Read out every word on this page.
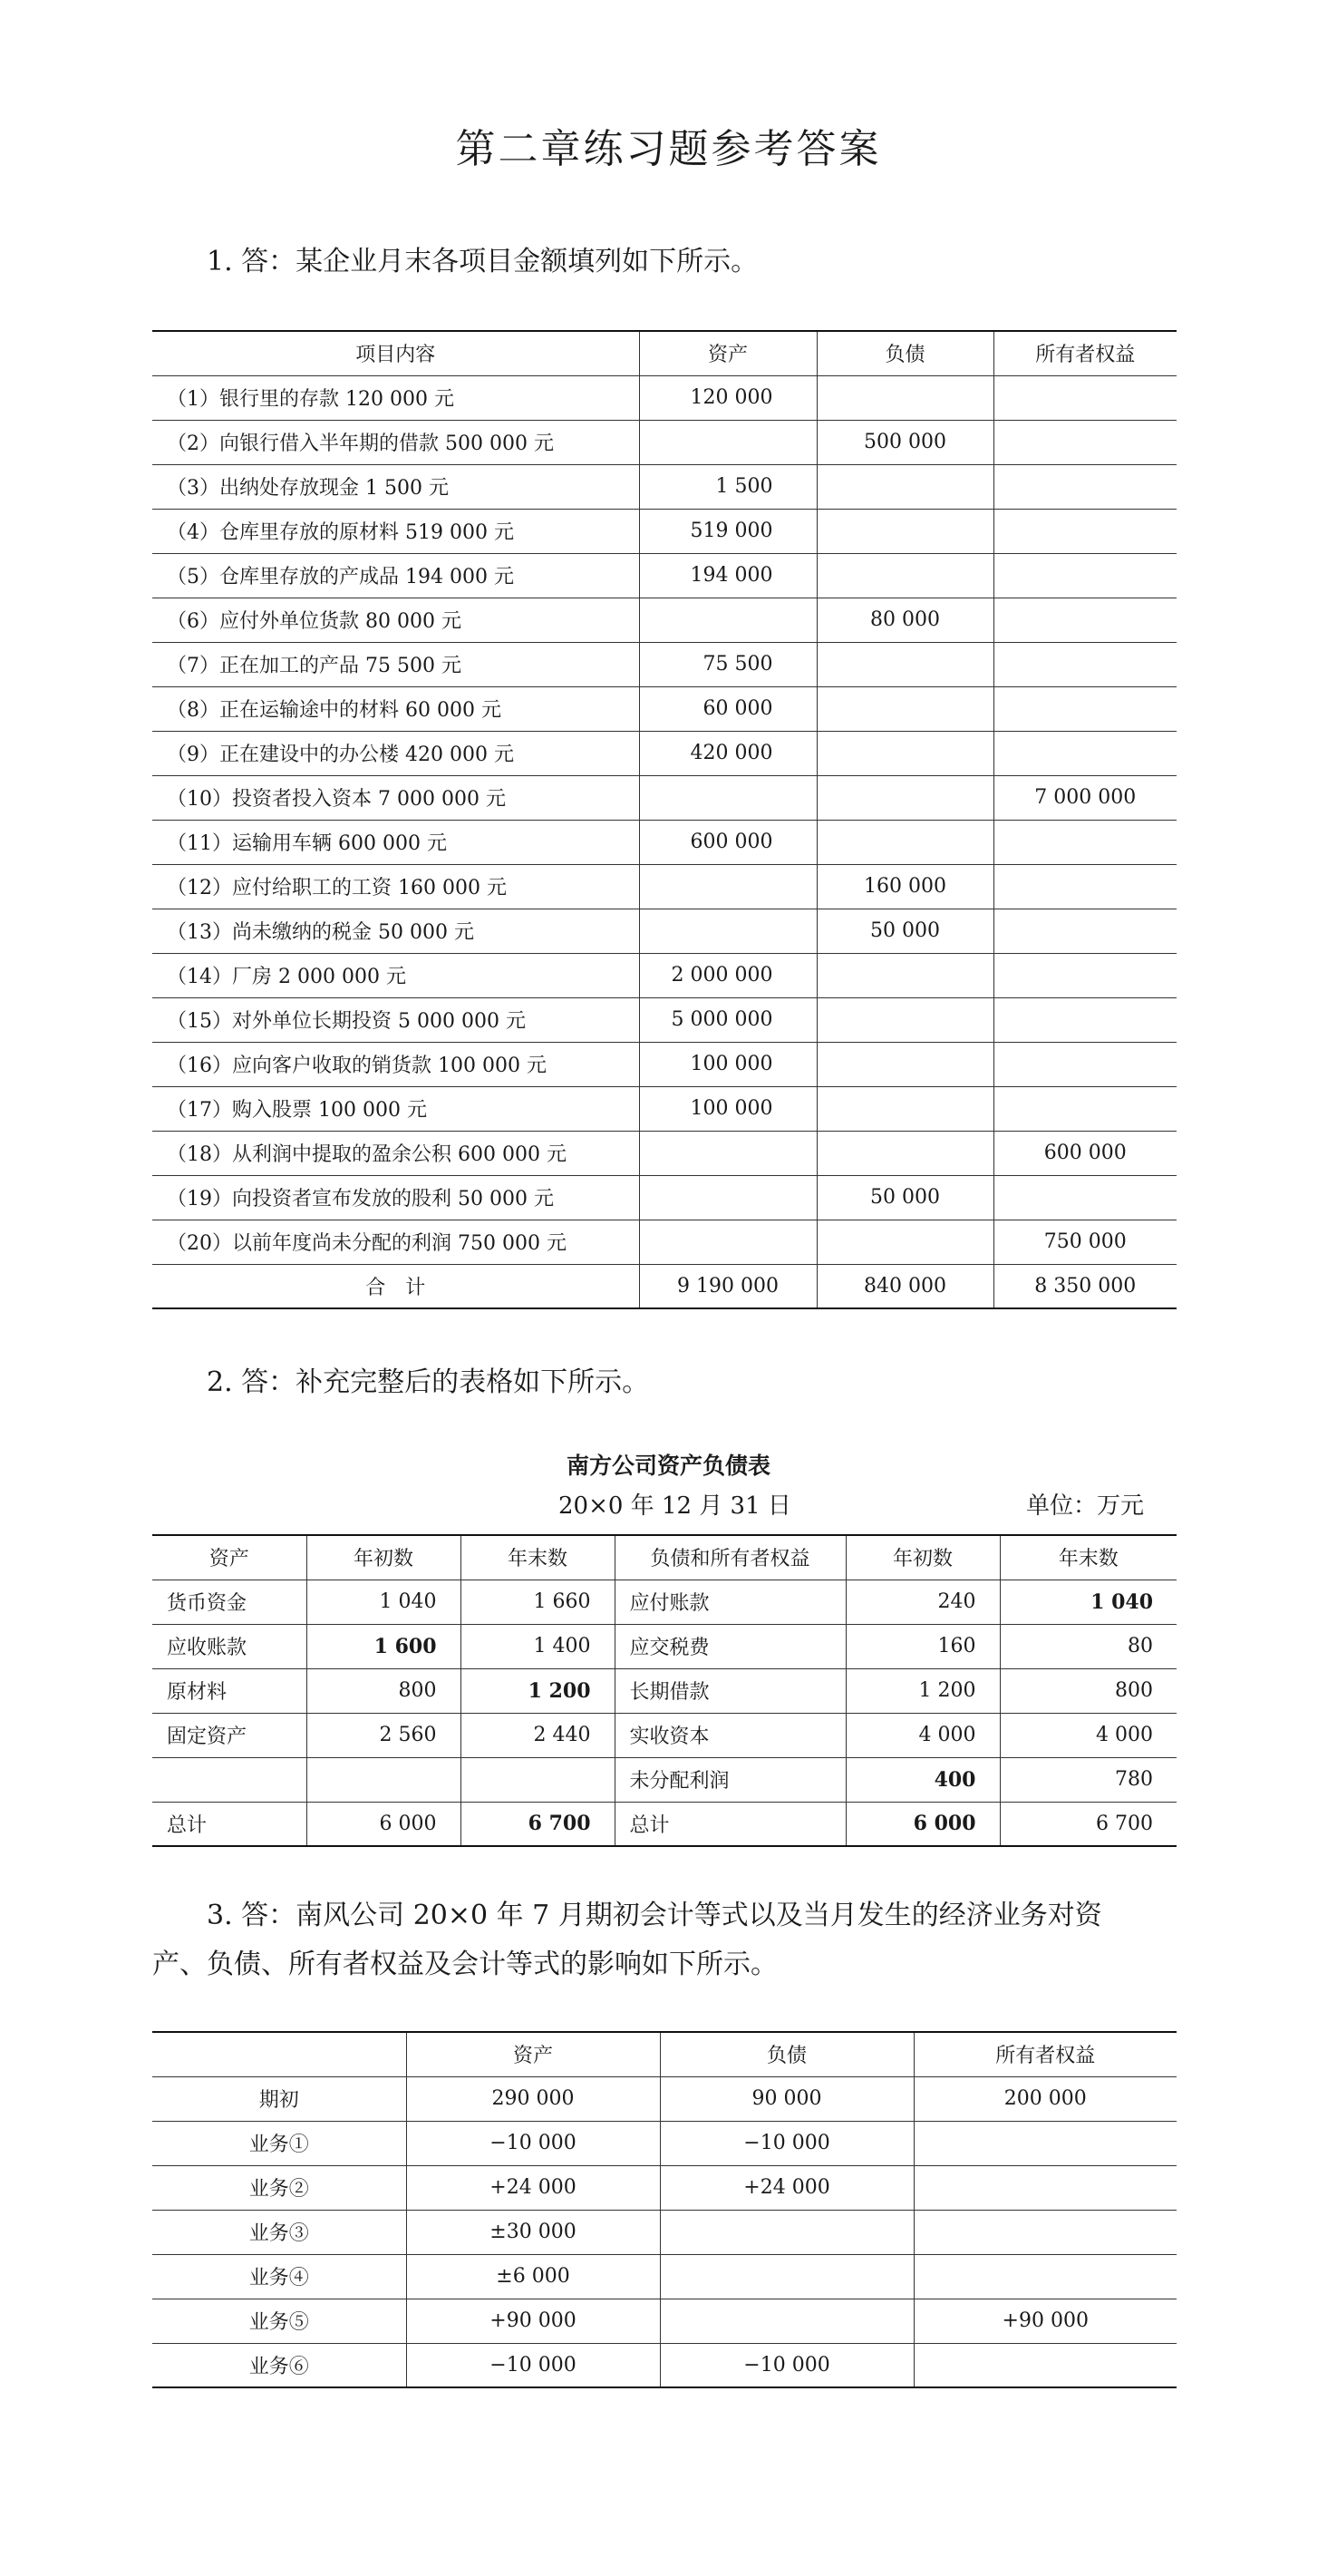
第二章练习题参考答案
1. 答：某企业月末各项目金额填列如下所示。
项目内容	资产	负债	所有者权益
（1）银行里的存款 120 000 元	120 000		
（2）向银行借入半年期的借款 500 000 元		500 000	
（3）出纳处存放现金 1 500 元	1 500		
（4）仓库里存放的原材料 519 000 元	519 000		
（5）仓库里存放的产成品 194 000 元	194 000		
（6）应付外单位货款 80 000 元		80 000	
（7）正在加工的产品 75 500 元	75 500		
（8）正在运输途中的材料 60 000 元	60 000		
（9）正在建设中的办公楼 420 000 元	420 000		
（10）投资者投入资本 7 000 000 元			7 000 000
（11）运输用车辆 600 000 元	600 000		
（12）应付给职工的工资 160 000 元		160 000	
（13）尚未缴纳的税金 50 000 元		50 000	
（14）厂房 2 000 000 元	2 000 000		
（15）对外单位长期投资 5 000 000 元	5 000 000		
（16）应向客户收取的销货款 100 000 元	100 000		
（17）购入股票 100 000 元	100 000		
（18）从利润中提取的盈余公积 600 000 元			600 000
（19）向投资者宣布发放的股利 50 000 元		50 000	
（20）以前年度尚未分配的利润 750 000 元			750 000
合　计	9 190 000	840 000	8 350 000
2. 答：补充完整后的表格如下所示。
南方公司资产负债表
20×0 年 12 月 31 日	单位：万元
资产	年初数	年末数	负债和所有者权益	年初数	年末数
货币资金	1 040	1 660	应付账款	240	1 040
应收账款	1 600	1 400	应交税费	160	80
原材料	800	1 200	长期借款	1 200	800
固定资产	2 560	2 440	实收资本	4 000	4 000
			未分配利润	400	780
总计	6 000	6 700	总计	6 000	6 700
3. 答：南风公司 20×0 年 7 月期初会计等式以及当月发生的经济业务对资
产、负债、所有者权益及会计等式的影响如下所示。
	资产	负债	所有者权益
期初	290 000	90 000	200 000
业务①	−10 000	−10 000	
业务②	+24 000	+24 000	
业务③	±30 000		
业务④	±6 000		
业务⑤	+90 000		+90 000
业务⑥	−10 000	−10 000	
